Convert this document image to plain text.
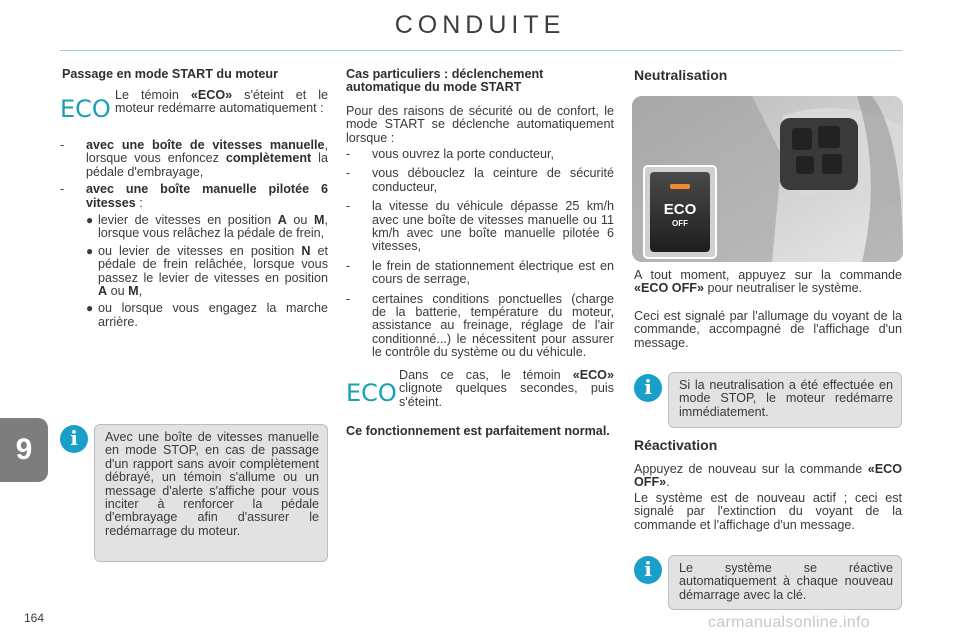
CONDUITE
Passage en mode START du moteur
ECO Le témoin «ECO» s'éteint et le moteur redémarre automatiquement :
- avec une boîte de vitesses manuelle, lorsque vous enfoncez complètement la pédale d'embrayage,
- avec une boîte manuelle pilotée 6 vitesses :
● levier de vitesses en position A ou M, lorsque vous relâchez la pédale de frein,
● ou levier de vitesses en position N et pédale de frein relâchée, lorsque vous passez le levier de vitesses en position A ou M,
● ou lorsque vous engagez la marche arrière.
i	Avec une boîte de vitesses manuelle en mode STOP, en cas de passage d'un rapport sans avoir complètement débrayé, un témoin s'allume ou un message d'alerte s'affiche pour vous inciter à renforcer la pédale d'embrayage afin d'assurer le redémarrage du moteur.
Cas particuliers : déclenchement automatique du mode START
Pour des raisons de sécurité ou de confort, le mode START se déclenche automatiquement lorsque :
- vous ouvrez la porte conducteur,
- vous débouclez la ceinture de sécurité conducteur,
- la vitesse du véhicule dépasse 25 km/h avec une boîte de vitesses manuelle ou 11 km/h avec une boîte manuelle pilotée 6 vitesses,
- le frein de stationnement électrique est en cours de serrage,
- certaines conditions ponctuelles (charge de la batterie, température du moteur, assistance au freinage, réglage de l'air conditionné...) le nécessitent pour assurer le contrôle du système ou du véhicule.
ECO
Dans ce cas, le témoin «ECO» clignote quelques secondes, puis s'éteint.
Ce fonctionnement est parfaitement normal.
Neutralisation
ECO
OFF
A tout moment, appuyez sur la commande «ECO OFF» pour neutraliser le système.
Ceci est signalé par l'allumage du voyant de la commande, accompagné de l'affichage d'un message.
i	Si la neutralisation a été effectuée en mode STOP, le moteur redémarre immédiatement.
Réactivation
Appuyez de nouveau sur la commande «ECO OFF».
Le système est de nouveau actif ; ceci est signalé par l'extinction du voyant de la commande et l'affichage d'un message.
i	Le système se réactive automatiquement à chaque nouveau démarrage avec la clé.
9
164	carmanualsonline.info
